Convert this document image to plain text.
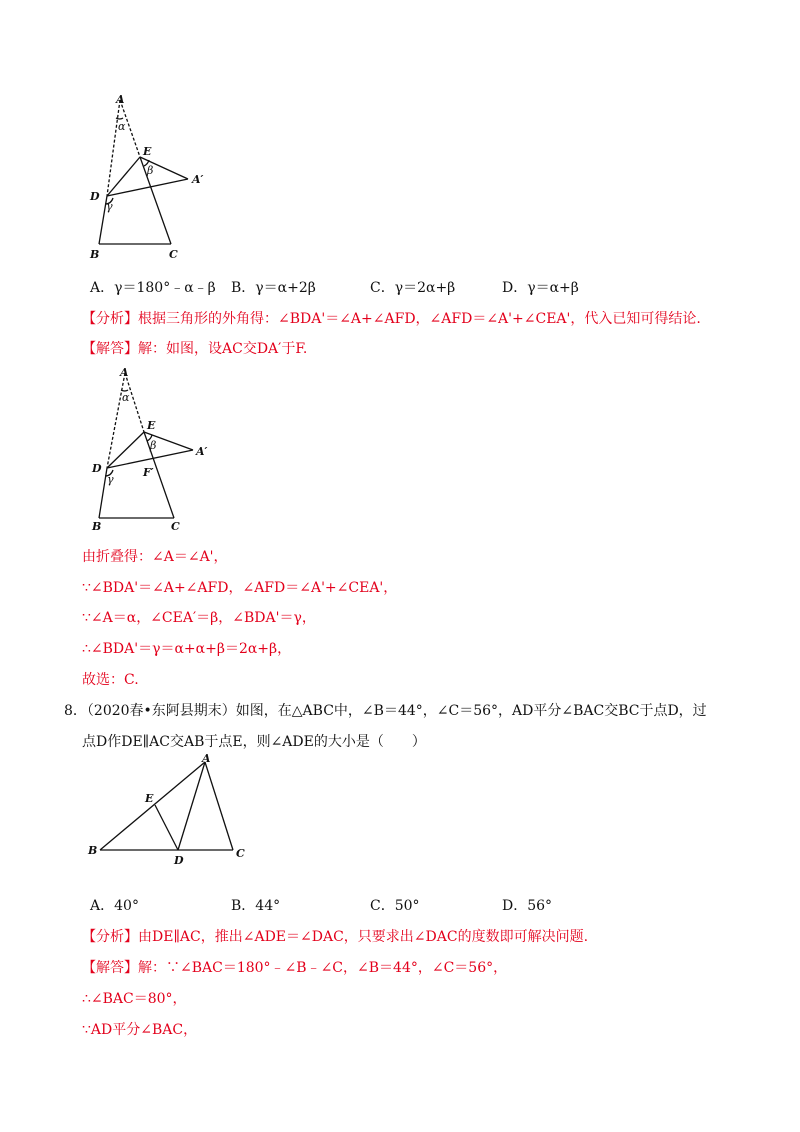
A
α
E
β
A′
D
γ
B	C
A．γ＝180°﹣α﹣β B．γ＝α+2β	C．γ＝2α+β	D．γ＝α+β
【分析】根据三角形的外角得：∠BDA'＝∠A+∠AFD，∠AFD＝∠A'+∠CEA'，代入已知可得结论.
【解答】解：如图，设AC交DA′于F.
A
α
E
β	A′
D	F′
γ
B	C
由折叠得：∠A＝∠A'，
∵∠BDA'＝∠A+∠AFD，∠AFD＝∠A'+∠CEA'，
∵∠A＝α，∠CEA′＝β，∠BDA'＝γ，
∴∠BDA'＝γ＝α+α+β＝2α+β，
故选：C.
8．（2020春•东阿县期末）如图，在△ABC中，∠B＝44°，∠C＝56°，AD平分∠BAC交BC于点D，过
点D作DE∥AC交AB于点E，则∠ADE的大小是（　　）
A
E
B
D
C
A．40°	B．44°	C．50°	D．56°
【分析】由DE∥AC，推出∠ADE＝∠DAC，只要求出∠DAC的度数即可解决问题.
【解答】解：∵∠BAC＝180°﹣∠B﹣∠C，∠B＝44°，∠C＝56°，
∴∠BAC＝80°，
∵AD平分∠BAC，
